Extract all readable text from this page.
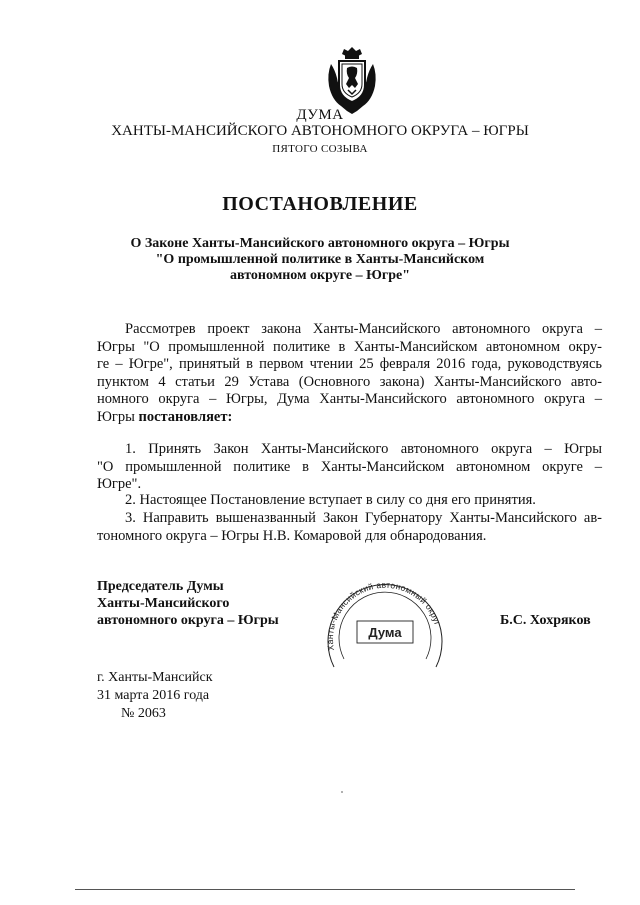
ДУМА
ХАНТЫ-МАНСИЙСКОГО АВТОНОМНОГО ОКРУГА – ЮГРЫ
ПЯТОГО СОЗЫВА
ПОСТАНОВЛЕНИЕ
О Законе Ханты-Мансийского автономного округа – Югры
"О промышленной политике в Ханты-Мансийском
автономном округе – Югре"
Рассмотрев проект закона Ханты-Мансийского автономного округа –
Югры "О промышленной политике в Ханты-Мансийском автономном окру-
ге – Югре", принятый в первом чтении 25 февраля 2016 года, руководствуясь
пунктом 4 статьи 29 Устава (Основного закона) Ханты-Мансийского авто-
номного округа – Югры, Дума Ханты-Мансийского автономного округа –
Югры постановляет:
1. Принять Закон Ханты-Мансийского автономного округа – Югры
"О промышленной политике в Ханты-Мансийском автономном округе –
Югре".
2. Настоящее Постановление вступает в силу со дня его принятия.
3. Направить вышеназванный Закон Губернатору Ханты-Мансийского ав-
тономного округа – Югры Н.В. Комаровой для обнародования.
Председатель Думы
Ханты-Мансийского
автономного округа – Югры
Ханты-Мансийский автономный округ
Дума
Б.С. Хохряков
г. Ханты-Мансийск
31 марта 2016 года
№ 2063
